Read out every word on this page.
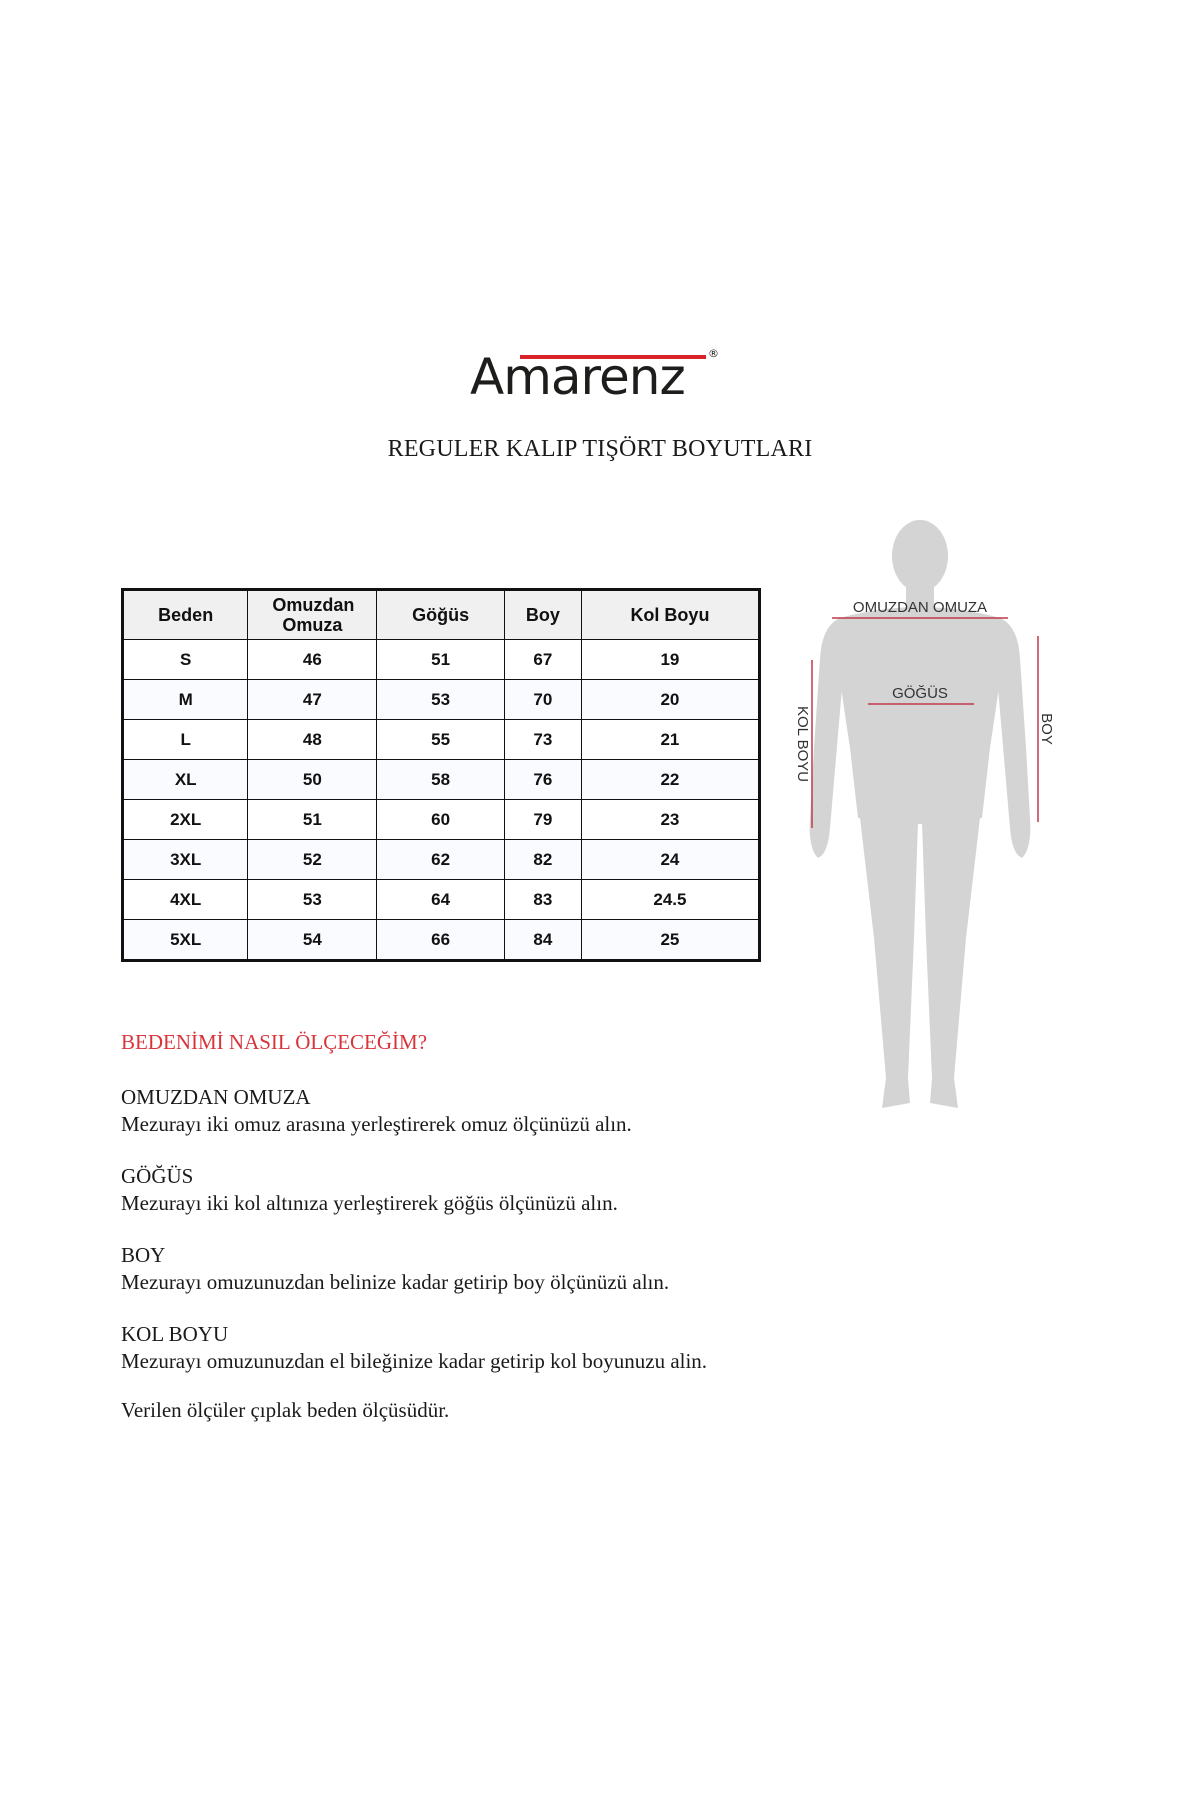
Amarenz ®
REGULER KALIP TIŞÖRT BOYUTLARI
Beden	Omuzdan Omuza	Göğüs	Boy	Kol Boyu
S	46	51	67	19
M	47	53	70	20
L	48	55	73	21
XL	50	58	76	22
2XL	51	60	79	23
3XL	52	62	82	24
4XL	53	64	83	24.5
5XL	54	66	84	25
OMUZDAN OMUZA
GÖĞÜS
KOL BOYU	BOY
BEDENİMİ NASIL ÖLÇECEĞİM?
OMUZDAN OMUZA
Mezurayı iki omuz arasına yerleştirerek omuz ölçünüzü alın.
GÖĞÜS
Mezurayı iki kol altınıza yerleştirerek göğüs ölçünüzü alın.
BOY
Mezurayı omuzunuzdan belinize kadar getirip boy ölçünüzü alın.
KOL BOYU
Mezurayı omuzunuzdan el bileğinize kadar getirip kol boyunuzu alin.
Verilen ölçüler çıplak beden ölçüsüdür.
